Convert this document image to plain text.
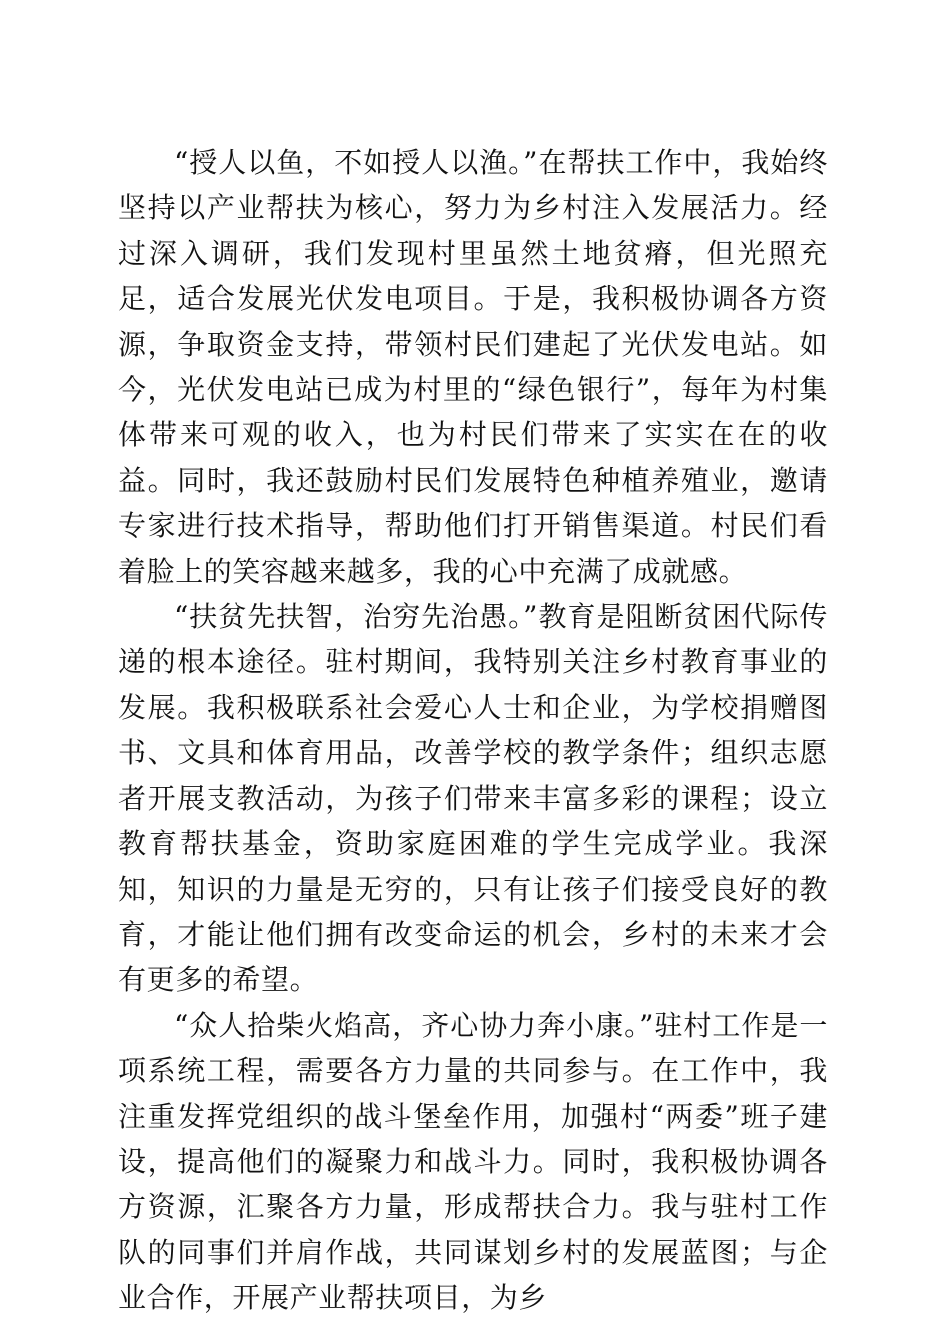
“授人以鱼，不如授人以渔。”在帮扶工作中，我始终坚持以产业帮扶为核心，努力为乡村注入发展活力。经过深入调研，我们发现村里虽然土地贫瘠，但光照充足，适合发展光伏发电项目。于是，我积极协调各方资源，争取资金支持，带领村民们建起了光伏发电站。如今，光伏发电站已成为村里的“绿色银行”，每年为村集体带来可观的收入，也为村民们带来了实实在在的收益。同时，我还鼓励村民们发展特色种植养殖业，邀请专家进行技术指导，帮助他们打开销售渠道。村民们看着脸上的笑容越来越多，我的心中充满了成就感。

“扶贫先扶智，治穷先治愚。”教育是阻断贫困代际传递的根本途径。驻村期间，我特别关注乡村教育事业的发展。我积极联系社会爱心人士和企业，为学校捐赠图书、文具和体育用品，改善学校的教学条件；组织志愿者开展支教活动，为孩子们带来丰富多彩的课程；设立教育帮扶基金，资助家庭困难的学生完成学业。我深知，知识的力量是无穷的，只有让孩子们接受良好的教育，才能让他们拥有改变命运的机会，乡村的未来才会有更多的希望。

“众人拾柴火焰高，齐心协力奔小康。”驻村工作是一项系统工程，需要各方力量的共同参与。在工作中，我注重发挥党组织的战斗堡垒作用，加强村“两委”班子建设，提高他们的凝聚力和战斗力。同时，我积极协调各方资源，汇聚各方力量，形成帮扶合力。我与驻村工作队的同事们并肩作战，共同谋划乡村的发展蓝图；与企业合作，开展产业帮扶项目，为乡
